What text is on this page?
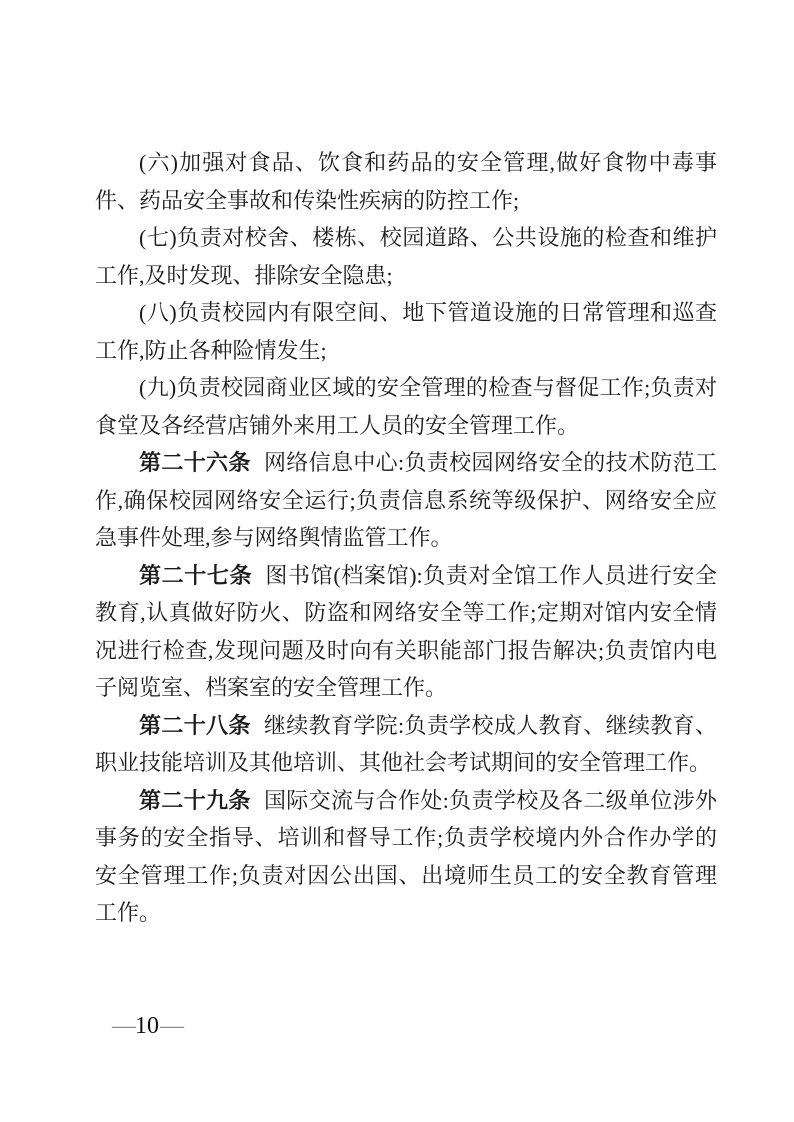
(六)加强对食品、饮食和药品的安全管理,做好食物中毒事件、药品安全事故和传染性疾病的防控工作;

(七)负责对校舍、楼栋、校园道路、公共设施的检查和维护工作,及时发现、排除安全隐患;

(八)负责校园内有限空间、地下管道设施的日常管理和巡查工作,防止各种险情发生;

(九)负责校园商业区域的安全管理的检查与督促工作;负责对食堂及各经营店铺外来用工人员的安全管理工作。

第二十六条 网络信息中心:负责校园网络安全的技术防范工作,确保校园网络安全运行;负责信息系统等级保护、网络安全应急事件处理,参与网络舆情监管工作。

第二十七条 图书馆(档案馆):负责对全馆工作人员进行安全教育,认真做好防火、防盗和网络安全等工作;定期对馆内安全情况进行检查,发现问题及时向有关职能部门报告解决;负责馆内电子阅览室、档案室的安全管理工作。

第二十八条 继续教育学院:负责学校成人教育、继续教育、职业技能培训及其他培训、其他社会考试期间的安全管理工作。

第二十九条 国际交流与合作处:负责学校及各二级单位涉外事务的安全指导、培训和督导工作;负责学校境内外合作办学的安全管理工作;负责对因公出国、出境师生员工的安全教育管理工作。

—10—
